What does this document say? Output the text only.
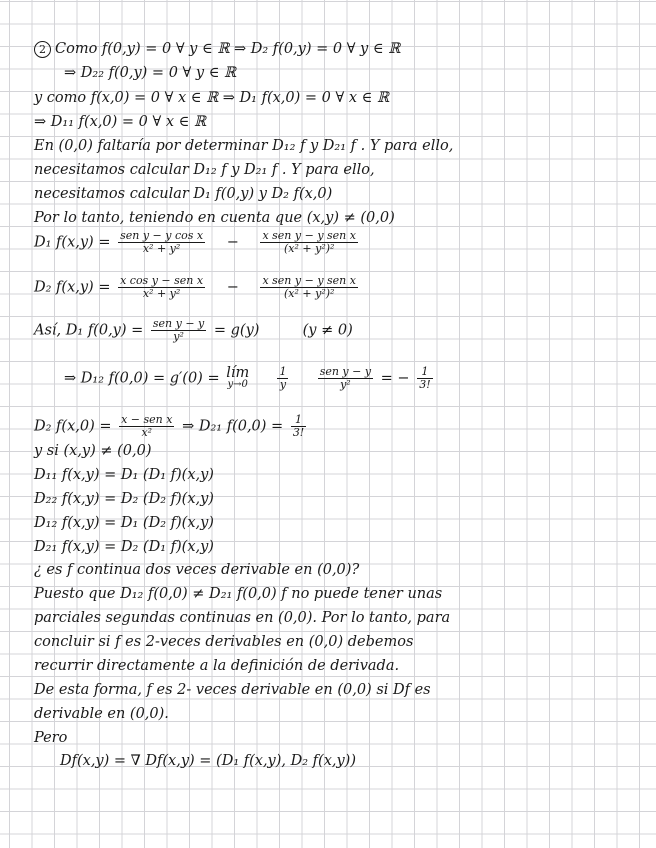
2 Como f(0,y) = 0 ∀ y ∈ ℝ ⇒ D₂ f(0,y) = 0 ∀ y ∈ ℝ
⇒ D₂₂ f(0,y) = 0 ∀ y ∈ ℝ
y como f(x,0) = 0 ∀ x ∈ ℝ ⇒ D₁ f(x,0) = 0 ∀ x ∈ ℝ
⇒ D₁₁ f(x,0) = 0 ∀ x ∈ ℝ
En (0,0) faltaría por determinar D₁₂ f y D₂₁ f . Y para ello,
necesitamos calcular D₁₂ f y D₂₁ f . Y para ello,
necesitamos calcular D₁ f(0,y) y D₂ f(x,0)
Por lo tanto, teniendo en cuenta que (x,y) ≠ (0,0)
D₁ $f(x,y) = \frac{\text{sen y − y cos x}}{\text{x² + y²}} - \frac{\text{x sen y − y sen x}}{\text{(x² + y²)²}}$
D₂ $f(x,y) = \frac{\text{x cos y − sen x}}{\text{x² + y²}} - \frac{\text{x sen y − y sen x}}{\text{(x² + y²)²}}$
Así, D₁ $f(0,y) = \frac{\text{sen y − y}}{\text{y²}} = g(y)$	(y ≠ 0)
⇒ D₁₂ f(0,0) = g′(0) = lím
y→0
	$\frac{1}{y}$
	$\frac{\text{sen y − y}}{\text{y²}}$ = − $\frac{1}{3!}$
D₂ $f(x,0) = \frac{\text{x − sen x}}{\text{x²}}$ ⇒ D₂₁ $f(0,0) = \frac{1}{3!}$
y si (x,y) ≠ (0,0)
D₁₁ f(x,y) = D₁ (D₁ f)(x,y)
D₂₂ f(x,y) = D₂ (D₂ f)(x,y)
D₁₂ f(x,y) = D₁ (D₂ f)(x,y)
D₂₁ f(x,y) = D₂ (D₁ f)(x,y)
¿ es f continua dos veces derivable en (0,0)?
Puesto que D₁₂ f(0,0) ≠ D₂₁ f(0,0) f no puede tener unas
parciales segundas continuas en (0,0). Por lo tanto, para
concluir si f es 2-veces derivables en (0,0) debemos
recurrir directamente a la definición de derivada.
De esta forma, f es 2- veces derivable en (0,0) si Df es
derivable en (0,0).
Pero
Df(x,y) = ∇ Df(x,y) = (D₁ f(x,y), D₂ f(x,y))
